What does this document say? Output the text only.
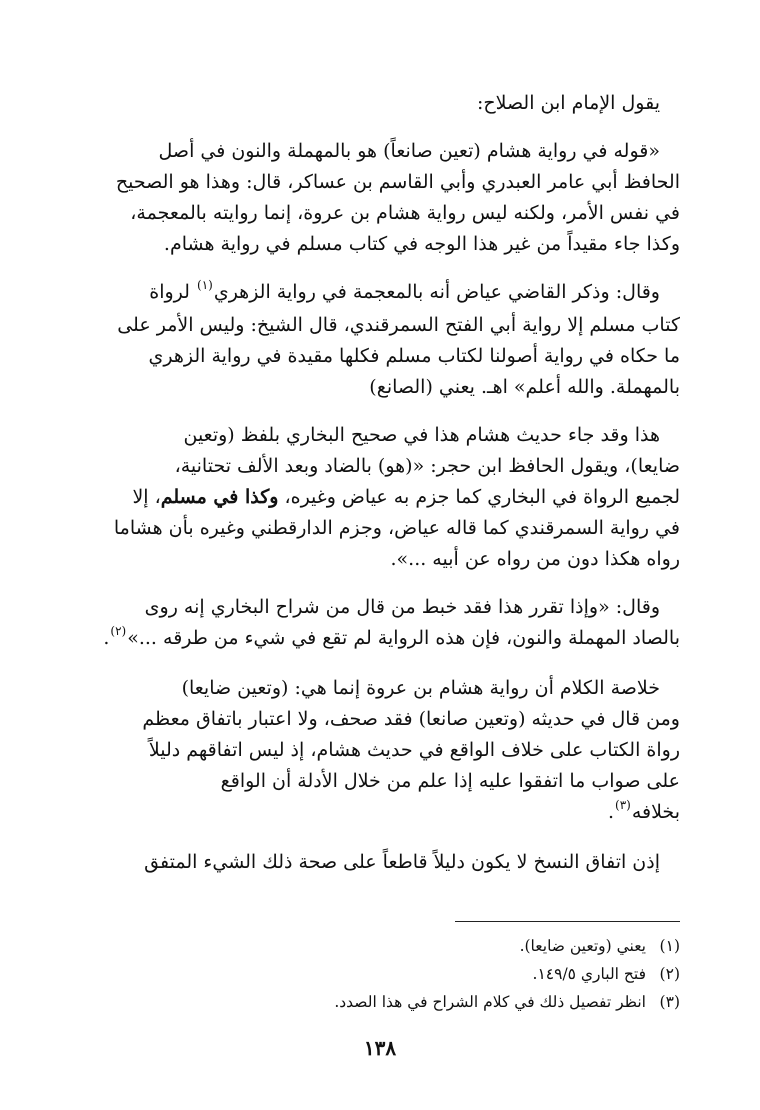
يقول الإمام ابن الصلاح:
«قوله في رواية هشام (تعين صانعاً) هو بالمهملة والنون في أصل
الحافظ أبي عامر العبدري وأبي القاسم بن عساكر، قال: وهذا هو الصحيح
في نفس الأمر، ولكنه ليس رواية هشام بن عروة، إنما روايته بالمعجمة،
وكذا جاء مقيداً من غير هذا الوجه في كتاب مسلم في رواية هشام.
وقال: وذكر القاضي عياض أنه بالمعجمة في رواية الزهري$^{(١)}$ لرواة
كتاب مسلم إلا رواية أبي الفتح السمرقندي، قال الشيخ: وليس الأمر على
ما حكاه في رواية أصولنا لكتاب مسلم فكلها مقيدة في رواية الزهري
بالمهملة. والله أعلم» اهـ. يعني (الصانع)
هذا وقد جاء حديث هشام هذا في صحيح البخاري بلفظ (وتعين
ضايعا)، ويقول الحافظ ابن حجر: «(هو) بالضاد وبعد الألف تحتانية،
لجميع الرواة في البخاري كما جزم به عياض وغيره، وكذا في مسلم، إلا
في رواية السمرقندي كما قاله عياض، وجزم الدارقطني وغيره بأن هشاما
رواه هكذا دون من رواه عن أبيه ...».
وقال: «وإذا تقرر هذا فقد خبط من قال من شراح البخاري إنه روى
بالصاد المهملة والنون، فإن هذه الرواية لم تقع في شيء من طرقه ...»$^{(٢)}$.
خلاصة الكلام أن رواية هشام بن عروة إنما هي: (وتعين ضايعا)
ومن قال في حديثه (وتعين صانعا) فقد صحف، ولا اعتبار باتفاق معظم
رواة الكتاب على خلاف الواقع في حديث هشام، إذ ليس اتفاقهم دليلاً
على صواب ما اتفقوا عليه إذا علم من خلال الأدلة أن الواقع
بخلافه$^{(٣)}$.
إذن اتفاق النسخ لا يكون دليلاً قاطعاً على صحة ذلك الشيء المتفق
(١)يعني (وتعين ضايعا).
(٢)فتح الباري ١٤٩/٥.
(٣)انظر تفصيل ذلك في كلام الشراح في هذا الصدد.
١٣٨
